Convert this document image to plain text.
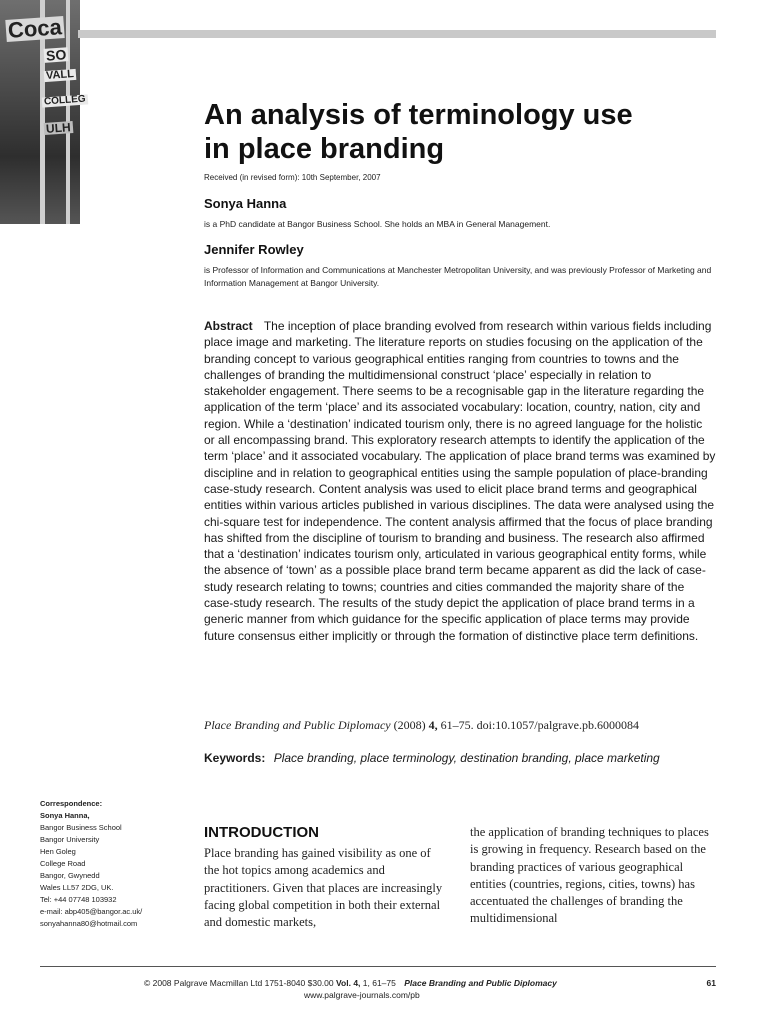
Coca
SO
VALL
COLLEG
ULH	An analysis of terminology use
in place branding
Received (in revised form): 10th September, 2007
Sonya Hanna
is a PhD candidate at Bangor Business School. She holds an MBA in General Management.
Jennifer Rowley
is Professor of Information and Communications at Manchester Metropolitan University, and was previously Professor of Marketing and Information Management at Bangor University.
Abstract The inception of place branding evolved from research within various fields including place image and marketing. The literature reports on studies focusing on the application of the branding concept to various geographical entities ranging from countries to towns and the challenges of branding the multidimensional construct ‘place’ especially in relation to stakeholder engagement. There seems to be a recognisable gap in the literature regarding the application of the term ‘place’ and its associated vocabulary: location, country, nation, city and region. While a ‘destination’ indicated tourism only, there is no agreed language for the holistic or all encompassing brand. This exploratory research attempts to identify the application of the term ‘place’ and it associated vocabulary. The application of place brand terms was examined by discipline and in relation to geographical entities using the sample population of place-branding case-study research. Content analysis was used to elicit place brand terms and geographical entities within various articles published in various disciplines. The data were analysed using the chi-square test for independence. The content analysis affirmed that the focus of place branding has shifted from the discipline of tourism to branding and business. The research also affirmed that a ‘destination’ indicates tourism only, articulated in various geographical entity forms, while the absence of ‘town’ as a possible place brand term became apparent as did the lack of case-study research relating to towns; countries and cities commanded the majority share of the case-study research. The results of the study depict the application of place brand terms in a generic manner from which guidance for the specific application of place terms may provide future consensus either implicitly or through the formation of distinctive place term definitions.
Place Branding and Public Diplomacy (2008) 4, 61–75. doi:10.1057/palgrave.pb.6000084
Keywords: Place branding, place terminology, destination branding, place marketing
Correspondence:
Sonya Hanna,
Bangor Business School
Bangor University
Hen Goleg
College Road
Bangor, Gwynedd
Wales LL57 2DG, UK.
Tel: +44 07748 103932
e-mail: abp405@bangor.ac.uk/
sonyahanna80@hotmail.com
INTRODUCTION

Place branding has gained visibility as one of the hot topics among academics and practitioners. Given that places are increasingly facing global competition in both their external and domestic markets,

the application of branding techniques to places is growing in frequency. Research based on the branding practices of various geographical entities (countries, regions, cities, towns) has accentuated the challenges of branding the multidimensional

© 2008 Palgrave Macmillan Ltd 1751-8040 $30.00 Vol. 4, 1, 61–75 Place Branding and Public Diplomacy	61
www.palgrave-journals.com/pb
